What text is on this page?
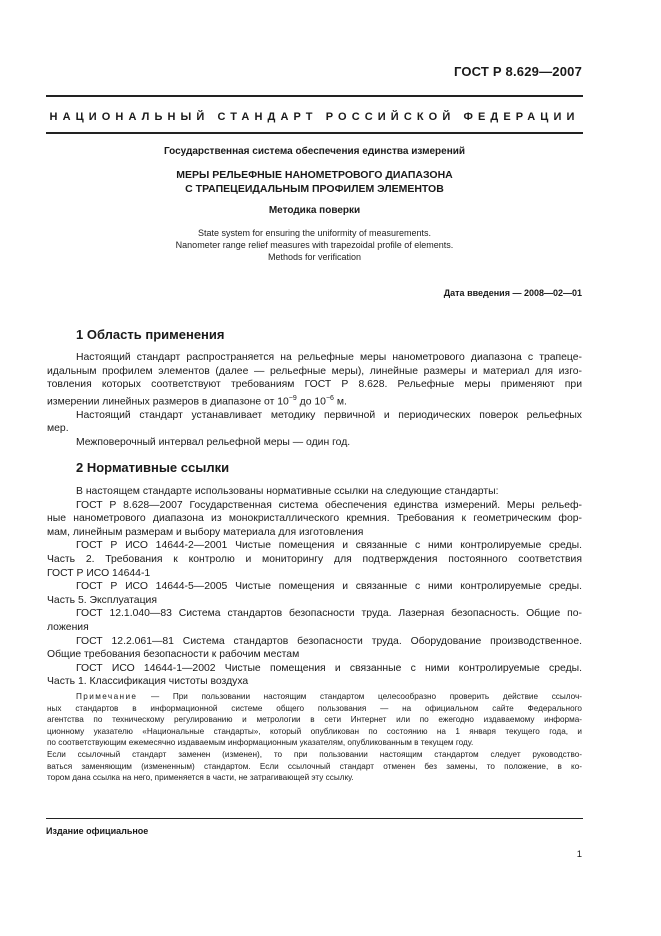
ГОСТ Р 8.629—2007
НАЦИОНАЛЬНЫЙ СТАНДАРТ РОССИЙСКОЙ ФЕДЕРАЦИИ
Государственная система обеспечения единства измерений
МЕРЫ РЕЛЬЕФНЫЕ НАНОМЕТРОВОГО ДИАПАЗОНА
С ТРАПЕЦЕИДАЛЬНЫМ ПРОФИЛЕМ ЭЛЕМЕНТОВ
Методика поверки
State system for ensuring the uniformity of measurements.
Nanometer range relief measures with trapezoidal profile of elements.
Methods for verification
Дата введения — 2008—02—01
1 Область применения
Настоящий стандарт распространяется на рельефные меры нанометрового диапазона с трапеце-
идальным профилем элементов (далее — рельефные меры), линейные размеры и материал для изго-
товления которых соответствуют требованиям ГОСТ Р 8.628. Рельефные меры применяют при
измерении линейных размеров в диапазоне от $10^{-9}$ до $10^{-6}$ м.
Настоящий стандарт устанавливает методику первичной и периодических поверок рельефных
мер.
Межповерочный интервал рельефной меры — один год.
2 Нормативные ссылки
В настоящем стандарте использованы нормативные ссылки на следующие стандарты:
ГОСТ Р 8.628—2007 Государственная система обеспечения единства измерений. Меры рельеф-
ные нанометрового диапазона из монокристаллического кремния. Требования к геометрическим фор-
мам, линейным размерам и выбору материала для изготовления
ГОСТ Р ИСО 14644-2—2001 Чистые помещения и связанные с ними контролируемые среды.
Часть 2. Требования к контролю и мониторингу для подтверждения постоянного соответствия
ГОСТ Р ИСО 14644-1
ГОСТ Р ИСО 14644-5—2005 Чистые помещения и связанные с ними контролируемые среды.
Часть 5. Эксплуатация
ГОСТ 12.1.040—83 Система стандартов безопасности труда. Лазерная безопасность. Общие по-
ложения
ГОСТ 12.2.061—81 Система стандартов безопасности труда. Оборудование производственное.
Общие требования безопасности к рабочим местам
ГОСТ ИСО 14644-1—2002 Чистые помещения и связанные с ними контролируемые среды.
Часть 1. Классификация чистоты воздуха
Примечание — При пользовании настоящим стандартом целесообразно проверить действие ссылоч-
ных стандартов в информационной системе общего пользования — на официальном сайте Федерального
агентства по техническому регулированию и метрологии в сети Интернет или по ежегодно издаваемому информа-
ционному указателю «Национальные стандарты», который опубликован по состоянию на 1 января текущего года, и
по соответствующим ежемесячно издаваемым информационным указателям, опубликованным в текущем году.
Если ссылочный стандарт заменен (изменен), то при пользовании настоящим стандартом следует руководство-
ваться заменяющим (измененным) стандартом. Если ссылочный стандарт отменен без замены, то положение, в ко-
тором дана ссылка на него, применяется в части, не затрагивающей эту ссылку.
Издание официальное
1
